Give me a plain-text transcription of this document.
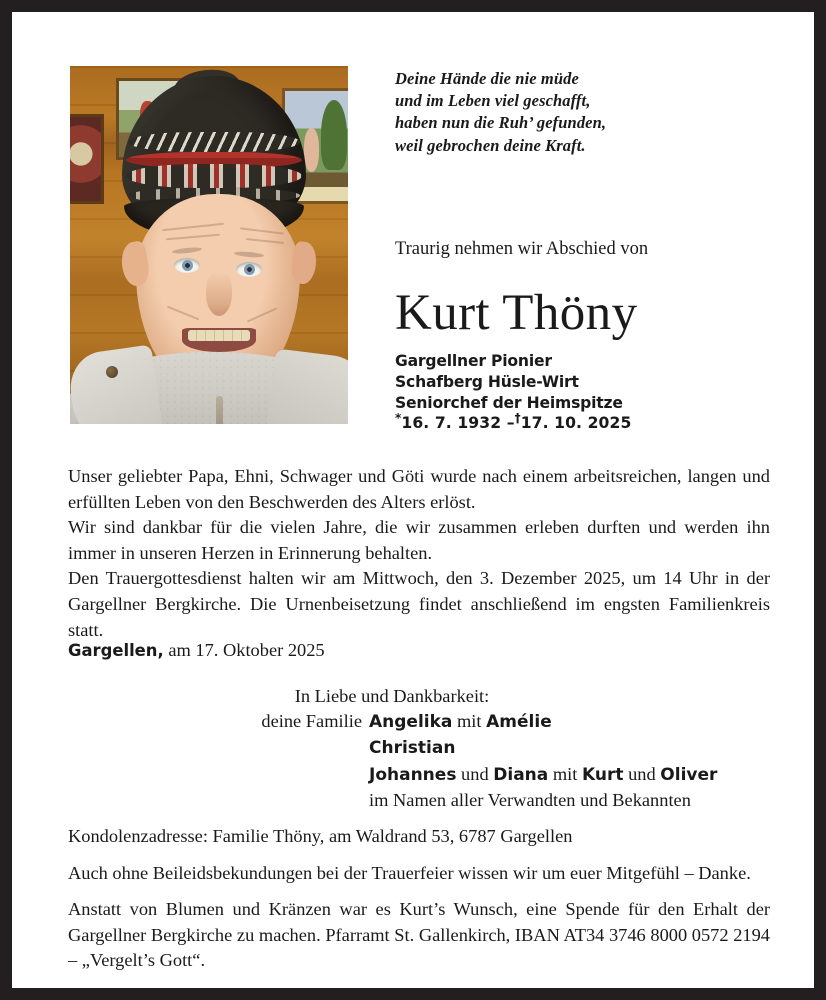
Deine Hände die nie müde
und im Leben viel geschafft,
haben nun die Ruh’ gefunden,
weil gebrochen deine Kraft.
Traurig nehmen wir Abschied von
Kurt Thöny
Gargellner Pionier
Schafberg Hüsle-Wirt
Seniorchef der Heimspitze
*16. 7. 1932 –†17. 10. 2025

Unser geliebter Papa, Ehni, Schwager und Göti wurde nach einem arbeitsreichen, langen und erfüllten Leben von den Beschwerden des Alters erlöst.

Wir sind dankbar für die vielen Jahre, die wir zusammen erleben durften und werden ihn immer in unseren Herzen in Erinnerung behalten.

Den Trauergottesdienst halten wir am Mittwoch, den 3. Dezember 2025, um 14 Uhr in der Gargellner Bergkirche. Die Urnenbeisetzung findet anschließend im engsten Familienkreis statt.

Gargellen, am 17. Oktober 2025
In Liebe und Dankbarkeit:
deine Familie Angelika mit Amélie
Christian
Johannes und Diana mit Kurt und Oliver
im Namen aller Verwandten und Bekannten

Kondolenzadresse: Familie Thöny, am Waldrand 53, 6787 Gargellen

Auch ohne Beileidsbekundungen bei der Trauerfeier wissen wir um euer Mitgefühl – Danke.

Anstatt von Blumen und Kränzen war es Kurt’s Wunsch, eine Spende für den Erhalt der Gargellner Bergkirche zu machen. Pfarramt St. Gallenkirch, IBAN AT34 3746 8000 0572 2194 – „Vergelt’s Gott“.
